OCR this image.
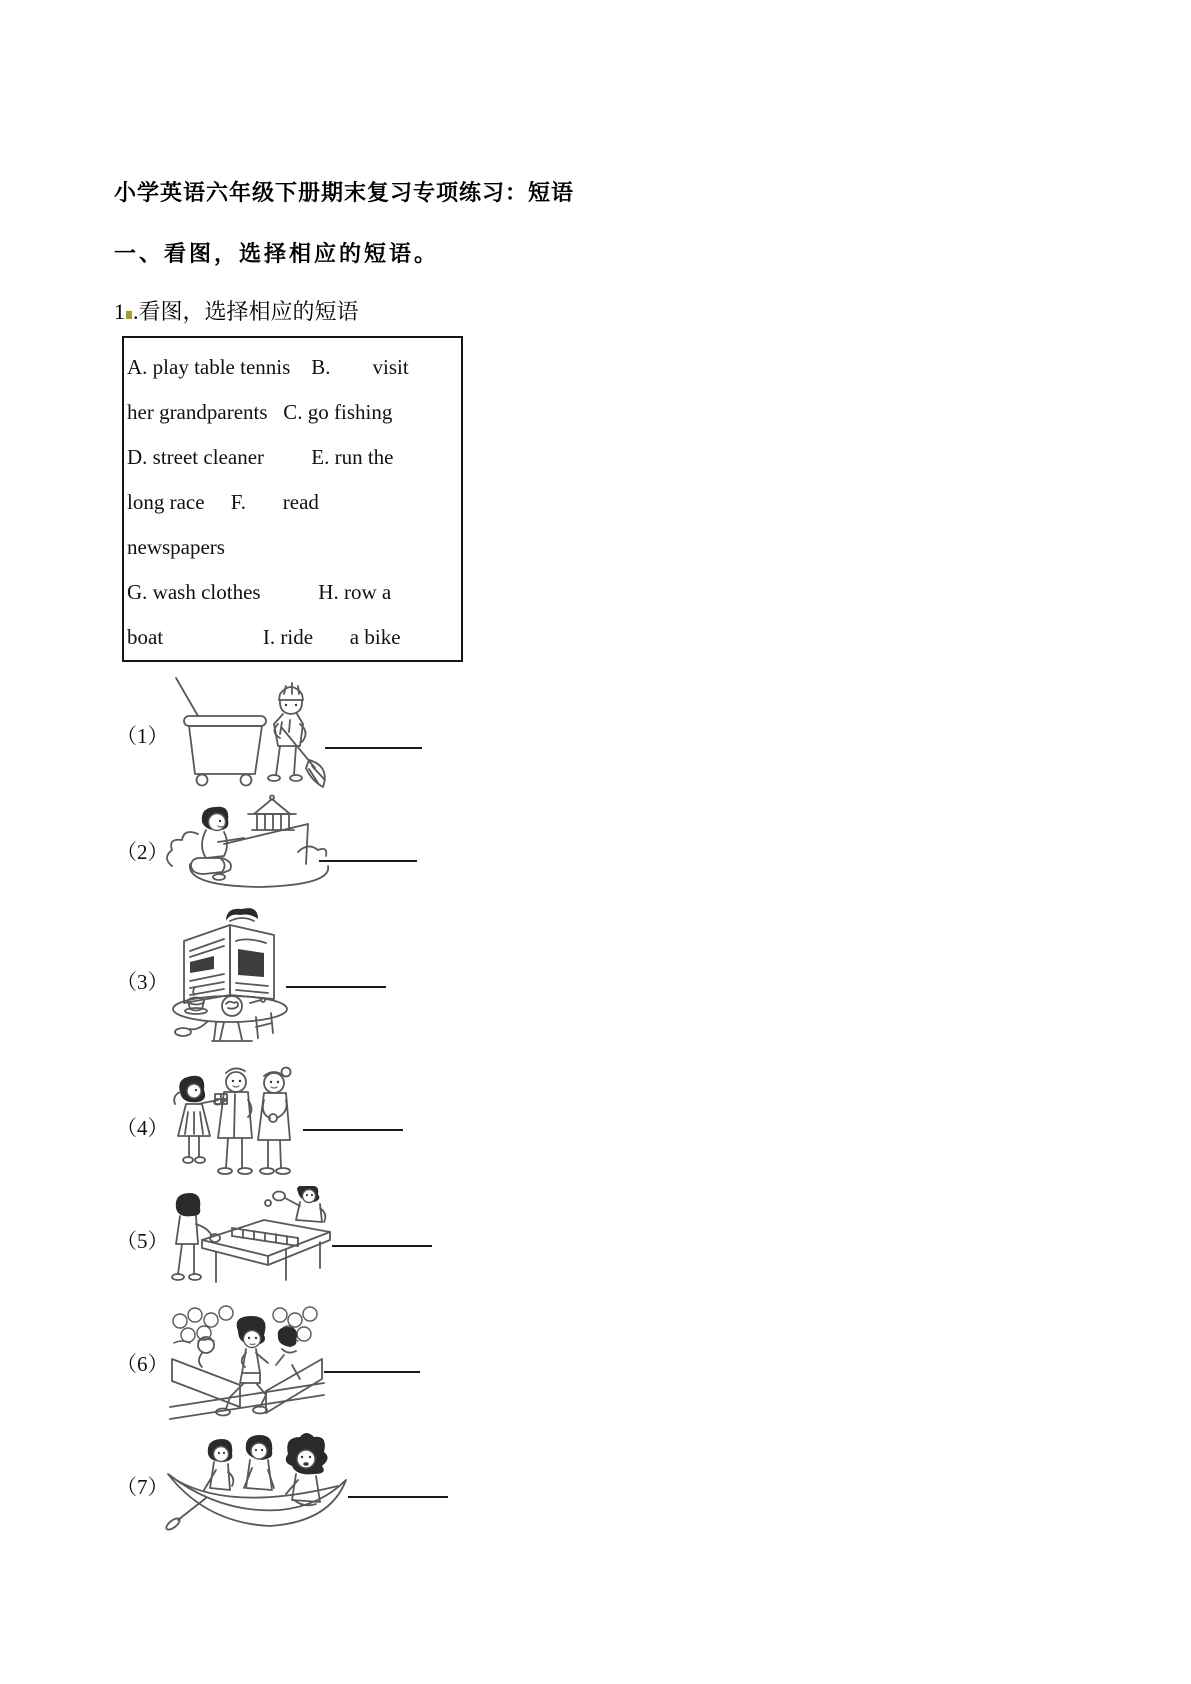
小学英语六年级下册期末复习专项练习：短语
一、看图，选择相应的短语。
1 .看图，选择相应的短语
A. play table tennis    B.        visit
her grandparents   C. go fishing
D. street cleaner         E. run the
long race     F.       read
newspapers
G. wash clothes           H. row a
boat                   I. ride       a bike
（1）
（2）
（3）
（4）
（5）
（6）
（7）
